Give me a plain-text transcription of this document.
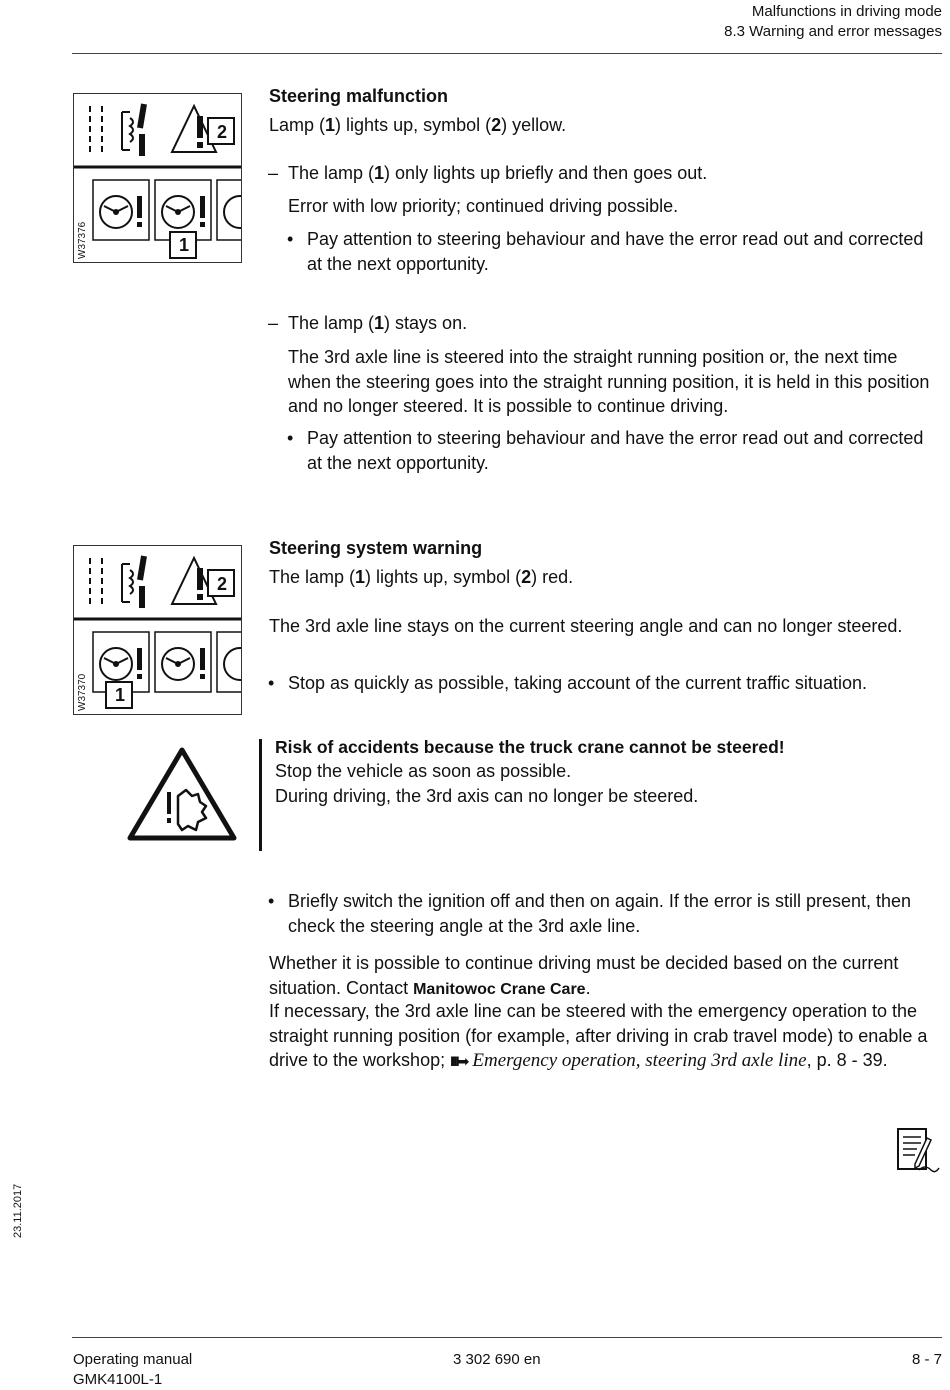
Malfunctions in driving mode
8.3 Warning and error messages
2
1
W37376
Steering malfunction
Lamp (1) lights up, symbol (2) yellow.
– The lamp (1) only lights up briefly and then goes out.
Error with low priority; continued driving possible.
• Pay attention to steering behaviour and have the error read out and corrected at the next opportunity.
– The lamp (1) stays on.
The 3rd axle line is steered into the straight running position or, the next time when the steering goes into the straight running position, it is held in this position and no longer steered. It is possible to continue driving.
• Pay attention to steering behaviour and have the error read out and corrected at the next opportunity.
2
1
W37370
Steering system warning
The lamp (1) lights up, symbol (2) red.
The 3rd axle line stays on the current steering angle and can no longer steered.
• Stop as quickly as possible, taking account of the current traffic situation.
Risk of accidents because the truck crane cannot be steered!
Stop the vehicle as soon as possible.
During driving, the 3rd axis can no longer be steered.
• Briefly switch the ignition off and then on again. If the error is still present, then check the steering angle at the 3rd axle line.
Whether it is possible to continue driving must be decided based on the current situation. Contact Manitowoc Crane Care.
If necessary, the 3rd axle line can be steered with the emergency operation to the straight running position (for example, after driving in crab travel mode) to enable a drive to the workshop; IIII➡ Emergency operation, steering 3rd axle line, p. 8 - 39.
23.11.2017
Operating manual
GMK4100L-1
3 302 690 en	8 - 7
